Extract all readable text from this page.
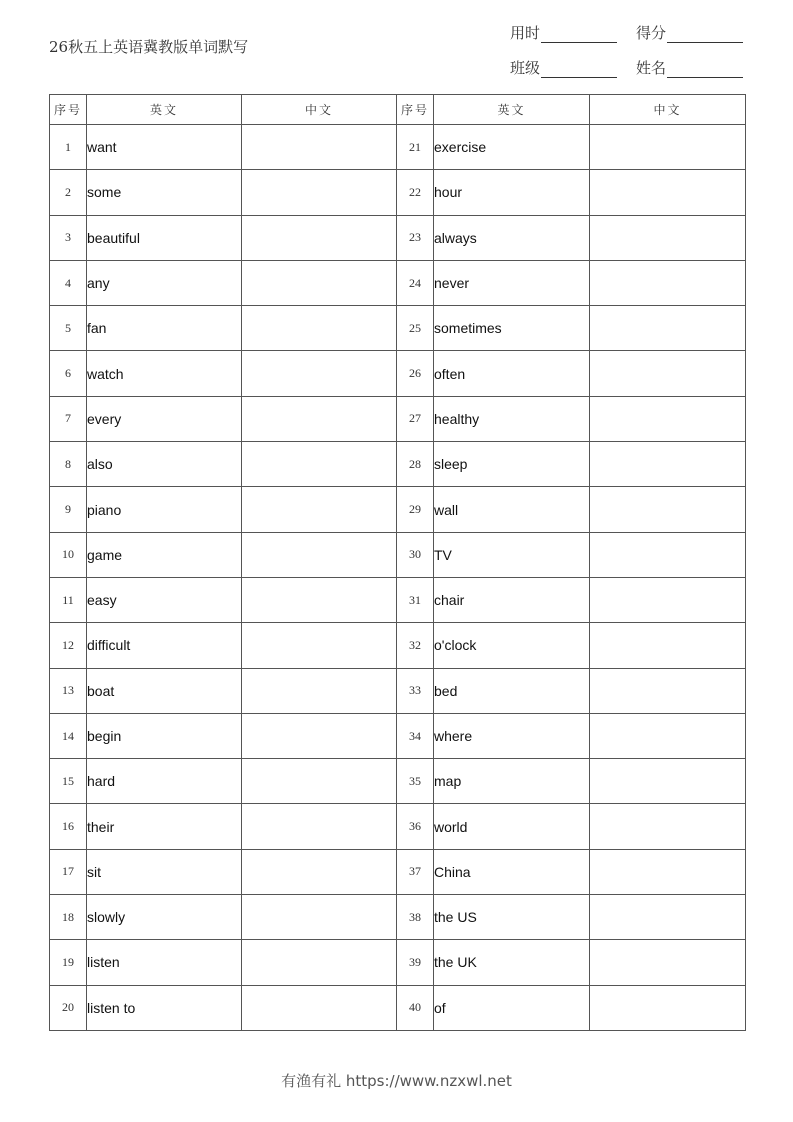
26秋五上英语冀教版单词默写
用时	得分
班级	姓名
序号	英文	中文	序号	英文	中文
1	want		21	exercise	
2	some		22	hour	
3	beautiful		23	always	
4	any		24	never	
5	fan		25	sometimes	
6	watch		26	often	
7	every		27	healthy	
8	also		28	sleep	
9	piano		29	wall	
10	game		30	TV	
11	easy		31	chair	
12	difficult		32	o'clock	
13	boat		33	bed	
14	begin		34	where	
15	hard		35	map	
16	their		36	world	
17	sit		37	China	
18	slowly		38	the US	
19	listen		39	the UK	
20	listen to		40	of	
有渔有礼 https://www.nzxwl.net
